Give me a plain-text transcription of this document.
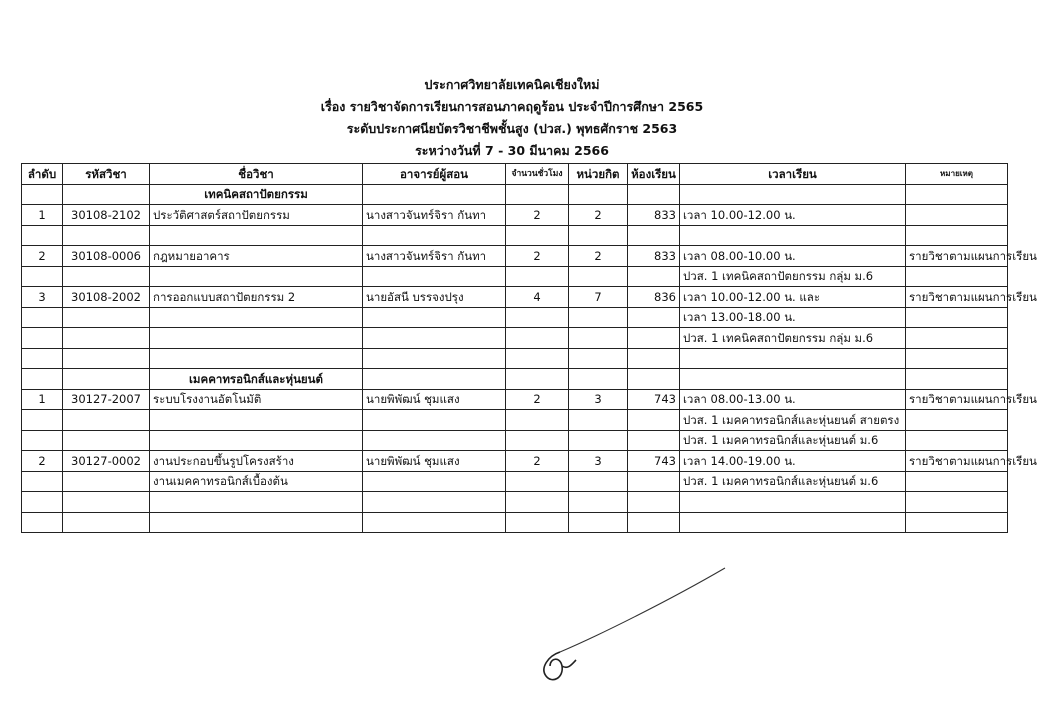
ประกาศวิทยาลัยเทคนิคเชียงใหม่
เรื่อง รายวิชาจัดการเรียนการสอนภาคฤดูร้อน ประจำปีการศึกษา 2565
ระดับประกาศนียบัตรวิชาชีพชั้นสูง (ปวส.) พุทธศักราช 2563
ระหว่างวันที่ 7 - 30 มีนาคม 2566
ลำดับ	รหัสวิชา	ชื่อวิชา	อาจารย์ผู้สอน	จำนวนชั่วโมง	หน่วยกิต	ห้องเรียน	เวลาเรียน	หมายเหตุ
		เทคนิคสถาปัตยกรรม						
1	30108-2102	ประวัติศาสตร์สถาปัตยกรรม	นางสาวจันทร์จิรา กันทา	2	2	833	เวลา 10.00-12.00 น.	

2	30108-0006	กฎหมายอาคาร	นางสาวจันทร์จิรา กันทา	2	2	833	เวลา 08.00-10.00 น.	รายวิชาตามแผนการเรียน
							ปวส. 1 เทคนิคสถาปัตยกรรม กลุ่ม ม.6	
3	30108-2002	การออกแบบสถาปัตยกรรม 2	นายอัสนี บรรจงปรุง	4	7	836	เวลา 10.00-12.00 น. และ	รายวิชาตามแผนการเรียน
							เวลา 13.00-18.00 น.	
							ปวส. 1 เทคนิคสถาปัตยกรรม กลุ่ม ม.6	

		เมคคาทรอนิกส์และหุ่นยนต์						
1	30127-2007	ระบบโรงงานอัตโนมัติ	นายพิพัฒน์ ชุมแสง	2	3	743	เวลา 08.00-13.00 น.	รายวิชาตามแผนการเรียน
							ปวส. 1 เมคคาทรอนิกส์และหุ่นยนต์ สายตรง	
							ปวส. 1 เมคคาทรอนิกส์และหุ่นยนต์ ม.6	
2	30127-0002	งานประกอบขึ้นรูปโครงสร้าง	นายพิพัฒน์ ชุมแสง	2	3	743	เวลา 14.00-19.00 น.	รายวิชาตามแผนการเรียน
		งานเมคคาทรอนิกส์เบื้องต้น					ปวส. 1 เมคคาทรอนิกส์และหุ่นยนต์ ม.6	
